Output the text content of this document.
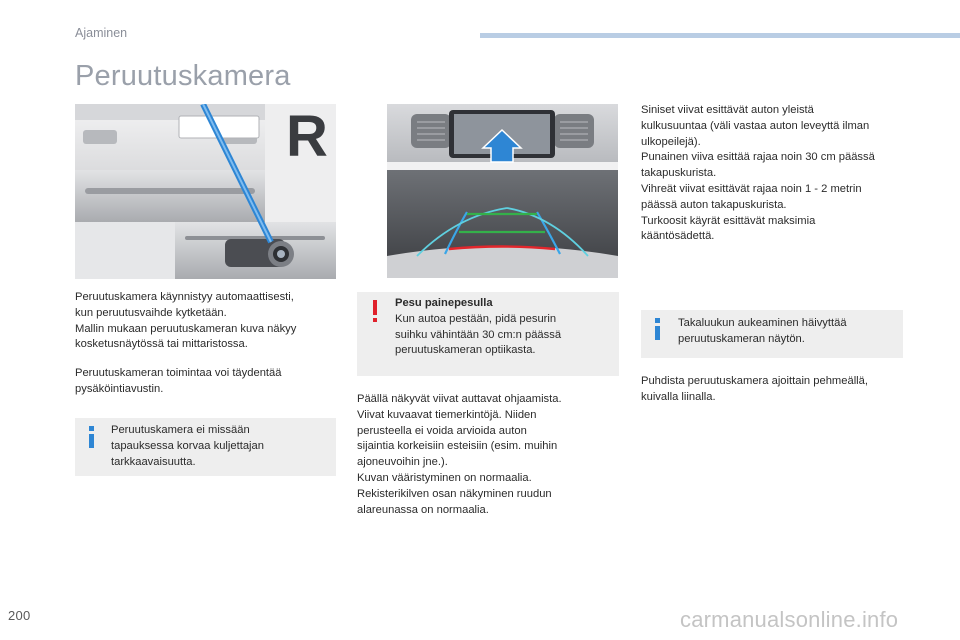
Ajaminen
Peruutuskamera
R

Peruutuskamera käynnistyy automaattisesti,

kun peruutusvaihde kytketään.

Mallin mukaan peruutuskameran kuva näkyy

kosketusnäytössä tai mittaristossa.

Peruutuskameran toimintaa voi täydentää

pysäköintiavustin.

Peruutuskamera ei missään

tapauksessa korvaa kuljettajan

tarkkaavaisuutta.

Pesu painepesulla

Kun autoa pestään, pidä pesurin

suihku vähintään 30 cm:n päässä

peruutuskameran optiikasta.

Päällä näkyvät viivat auttavat ohjaamista.

Viivat kuvaavat tiemerkintöjä. Niiden

perusteella ei voida arvioida auton

sijaintia korkeisiin esteisiin (esim. muihin

ajoneuvoihin jne.).

Kuvan vääristyminen on normaalia.

Rekisterikilven osan näkyminen ruudun

alareunassa on normaalia.

Siniset viivat esittävät auton yleistä

kulkusuuntaa (väli vastaa auton leveyttä ilman

ulkopeilejä).

Punainen viiva esittää rajaa noin 30 cm päässä

takapuskurista.

Vihreät viivat esittävät rajaa noin 1 - 2 metrin

päässä auton takapuskurista.

Turkoosit käyrät esittävät maksimia

kääntösädettä.

Takaluukun aukeaminen häivyttää

peruutuskameran näytön.

Puhdista peruutuskamera ajoittain pehmeällä,

kuivalla liinalla.

200	carmanualsonline.info
